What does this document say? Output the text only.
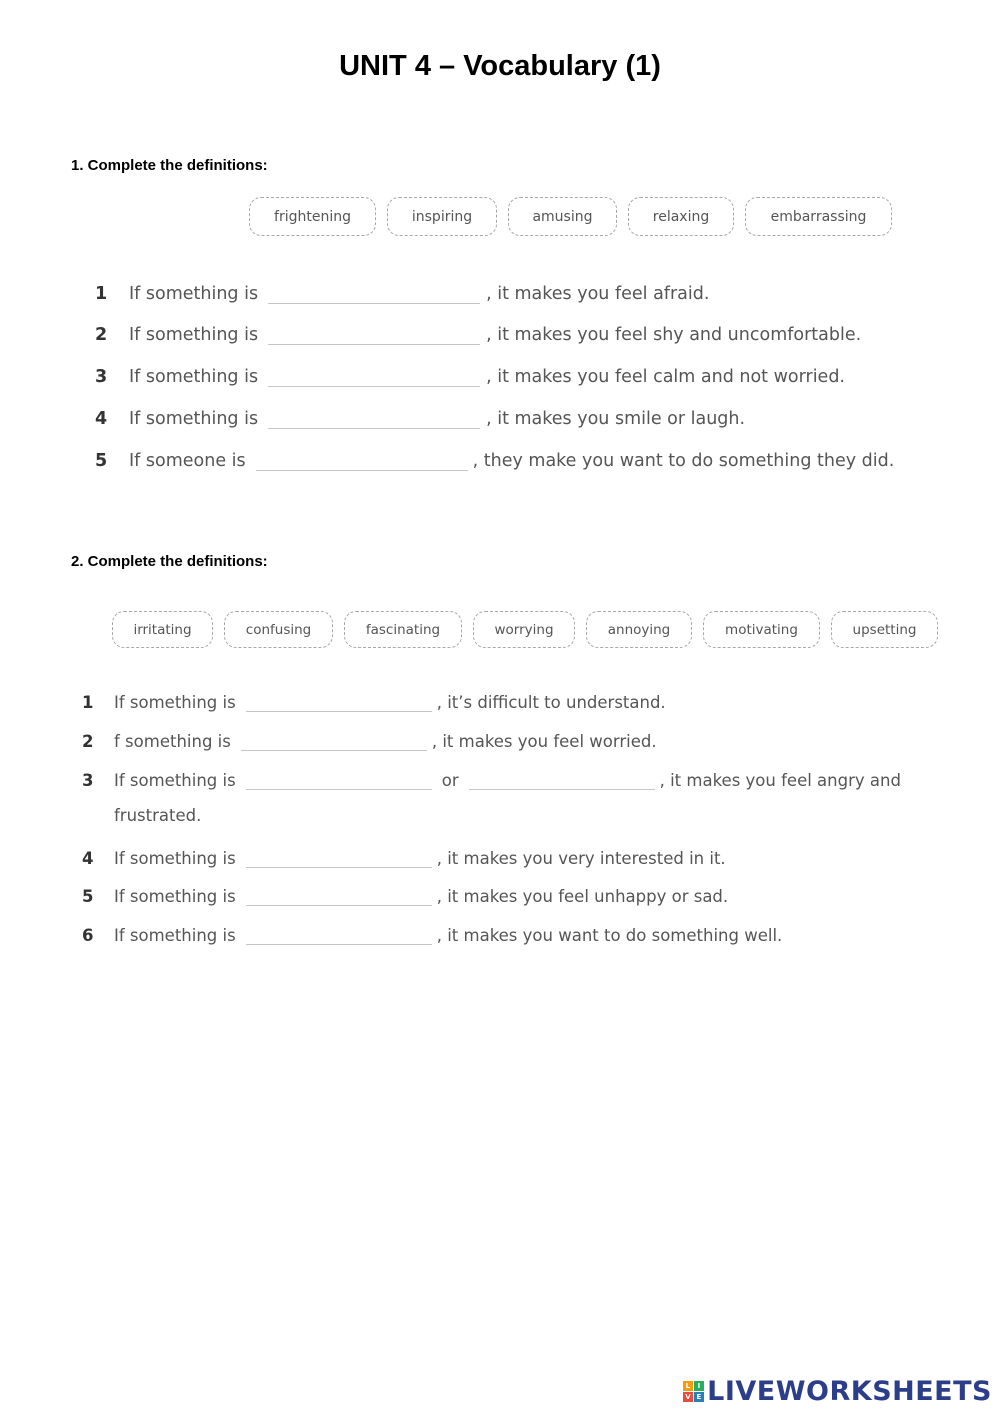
UNIT 4 – Vocabulary (1)
1. Complete the definitions:
frightening	inspiring	amusing	relaxing	embarrassing
1	If something is	, it makes you feel afraid.
2	If something is	, it makes you feel shy and uncomfortable.
3	If something is	, it makes you feel calm and not worried.
4	If something is	, it makes you smile or laugh.
5	If someone is	, they make you want to do something they did.
2. Complete the definitions:
irritating	confusing	fascinating	worrying	annoying	motivating	upsetting
1	If something is	, it’s difficult to understand.
2	f something is	, it makes you feel worried.
3	If something is	or	, it makes you feel angry and
frustrated.
4	If something is	, it makes you very interested in it.
5	If something is	, it makes you feel unhappy or sad.
6	If something is	, it makes you want to do something well.
L I
V E LIVEWORKSHEETS
